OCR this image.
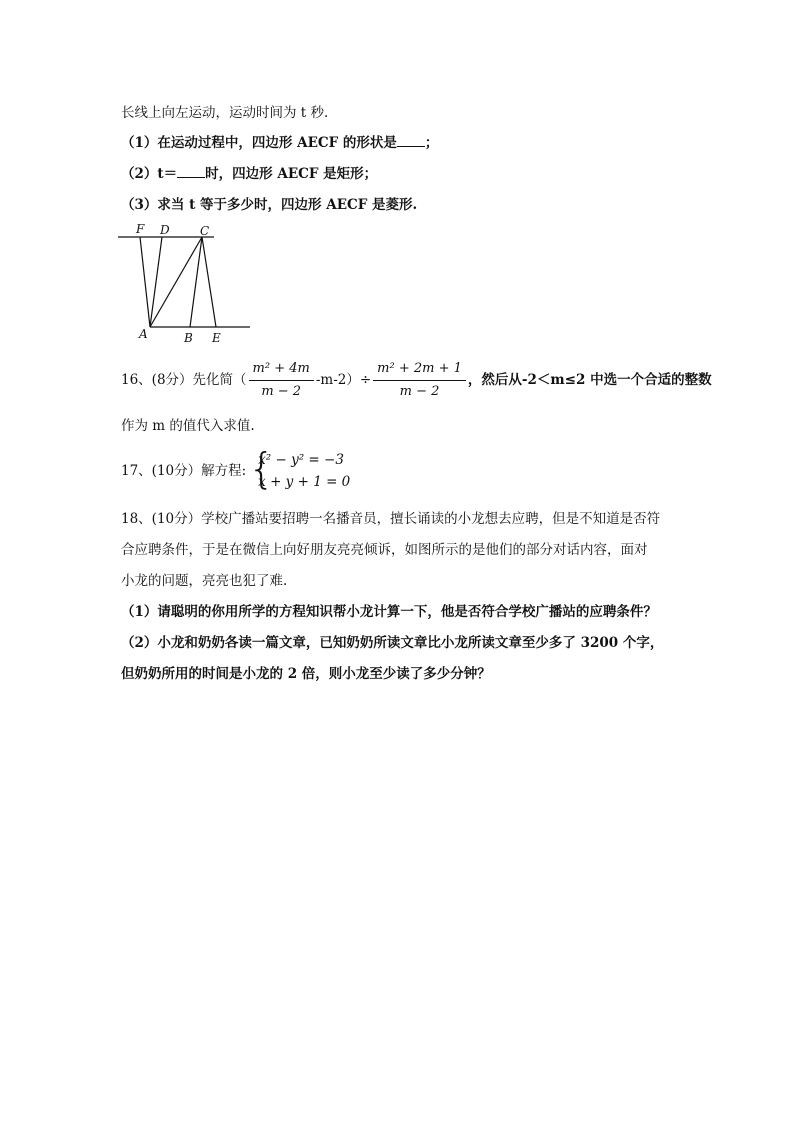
长线上向左运动，运动时间为 t 秒.
（1）在运动过程中，四边形 AECF 的形状是 ；
（2）t＝ 时，四边形 AECF 是矩形；
（3）求当 t 等于多少时，四边形 AECF 是菱形.
F D	C
A	B E
16、(8分）先化简（ $\frac{\text{m² + 4m}}{m - 2} -m-2)\div \frac{\text{m² + 2m + 1}}{m - 2}$ ，然后从-2＜m≤2 中选一个合适的整数
作为 m 的值代入求值.
17、(10分）解方程: {
x² − y² = −3
x + y + 1 = 0
18、(10分）学校广播站要招聘一名播音员，擅长诵读的小龙想去应聘，但是不知道是否符
合应聘条件，于是在微信上向好朋友亮亮倾诉，如图所示的是他们的部分对话内容，面对
小龙的问题，亮亮也犯了难.
（1）请聪明的你用所学的方程知识帮小龙计算一下，他是否符合学校广播站的应聘条件？
（2）小龙和奶奶各读一篇文章，已知奶奶所读文章比小龙所读文章至少多了 3200 个字，
但奶奶所用的时间是小龙的 2 倍，则小龙至少读了多少分钟？
